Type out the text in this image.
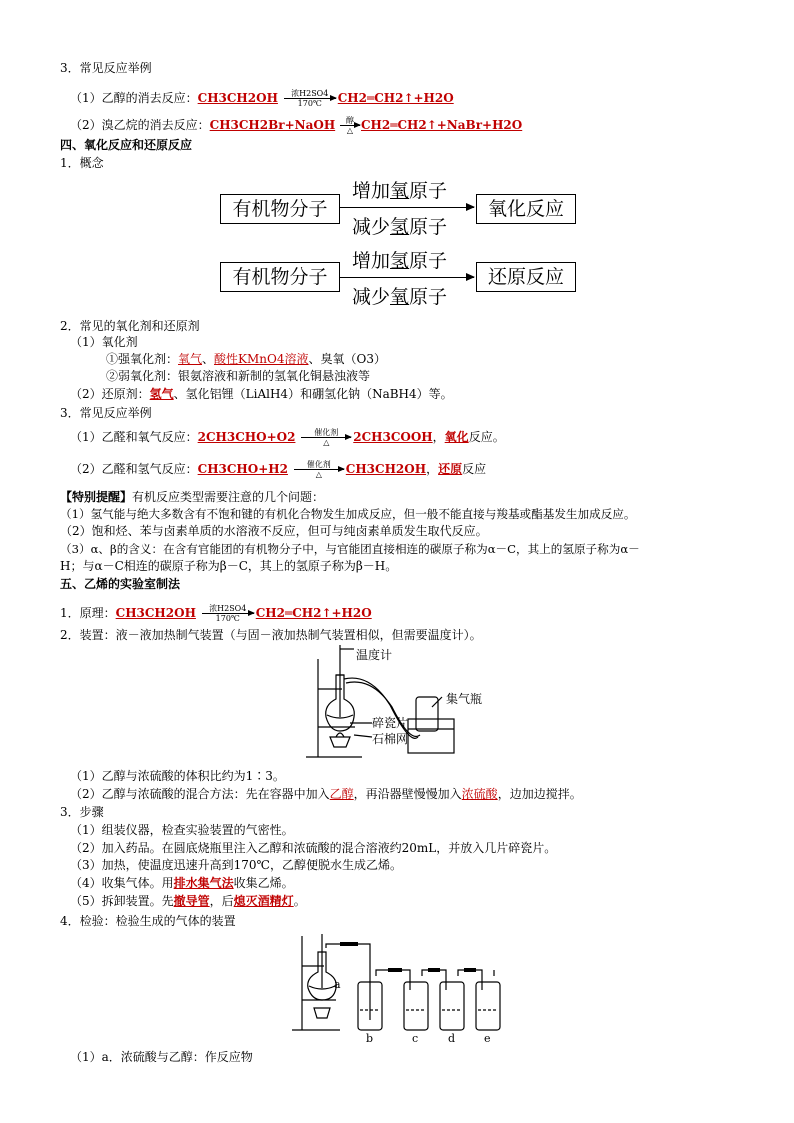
3．常见反应举例
（1）乙醇的消去反应：CH3CH2OH	浓H2SO4
170℃	CH2═CH2↑+H2O
（2）溴乙烷的消去反应：CH3CH2Br+NaOH	醇
△ CH2═CH2↑+NaBr+H2O
四、氧化反应和还原反应
1．概念
有机物分子
增加氧原子
减少氢原子
氧化反应
有机物分子
增加氢原子
减少氧原子
还原反应
2．常见的氧化剂和还原剂
（1）氧化剂
①强氧化剂：氧气、酸性KMnO4溶液、臭氧（O3）
②弱氧化剂：银氨溶液和新制的氢氧化铜悬浊液等
（2）还原剂：氢气、氢化铝锂（LiAlH4）和硼氢化钠（NaBH4）等。
3．常见反应举例
（1）乙醛和氧气反应：2CH3CHO+O2	催化剂
△	2CH3COOH，氧化反应。
（2）乙醛和氢气反应：CH3CHO+H2	催化剂
△	CH3CH2OH，还原反应
【特别提醒】有机反应类型需要注意的几个问题：
（1）氢气能与绝大多数含有不饱和键的有机化合物发生加成反应，但一般不能直接与羧基或酯基发生加成反应。
（2）饱和烃、苯与卤素单质的水溶液不反应，但可与纯卤素单质发生取代反应。
（3）α、β的含义：在含有官能团的有机物分子中，与官能团直接相连的碳原子称为α－C，其上的氢原子称为α－
H；与α－C相连的碳原子称为β－C，其上的氢原子称为β－H。
五、乙烯的实验室制法
1．原理：CH3CH2OH	浓H2SO4
170℃	CH2═CH2↑+H2O
2．装置：液－液加热制气装置（与固－液加热制气装置相似，但需要温度计）。
温度计
集气瓶
碎瓷片
石棉网
（1）乙醇与浓硫酸的体积比约为1∶3。
（2）乙醇与浓硫酸的混合方法：先在容器中加入乙醇，再沿器壁慢慢加入浓硫酸，边加边搅拌。
3．步骤
（1）组装仪器，检查实验装置的气密性。
（2）加入药品。在圆底烧瓶里注入乙醇和浓硫酸的混合溶液约20mL，并放入几片碎瓷片。
（3）加热，使温度迅速升高到170℃，乙醇便脱水生成乙烯。
（4）收集气体。用排水集气法收集乙烯。
（5）拆卸装置。先撤导管，后熄灭酒精灯。
4．检验：检验生成的气体的装置
a
b	c	d	e
（1）a．浓硫酸与乙醇：作反应物
